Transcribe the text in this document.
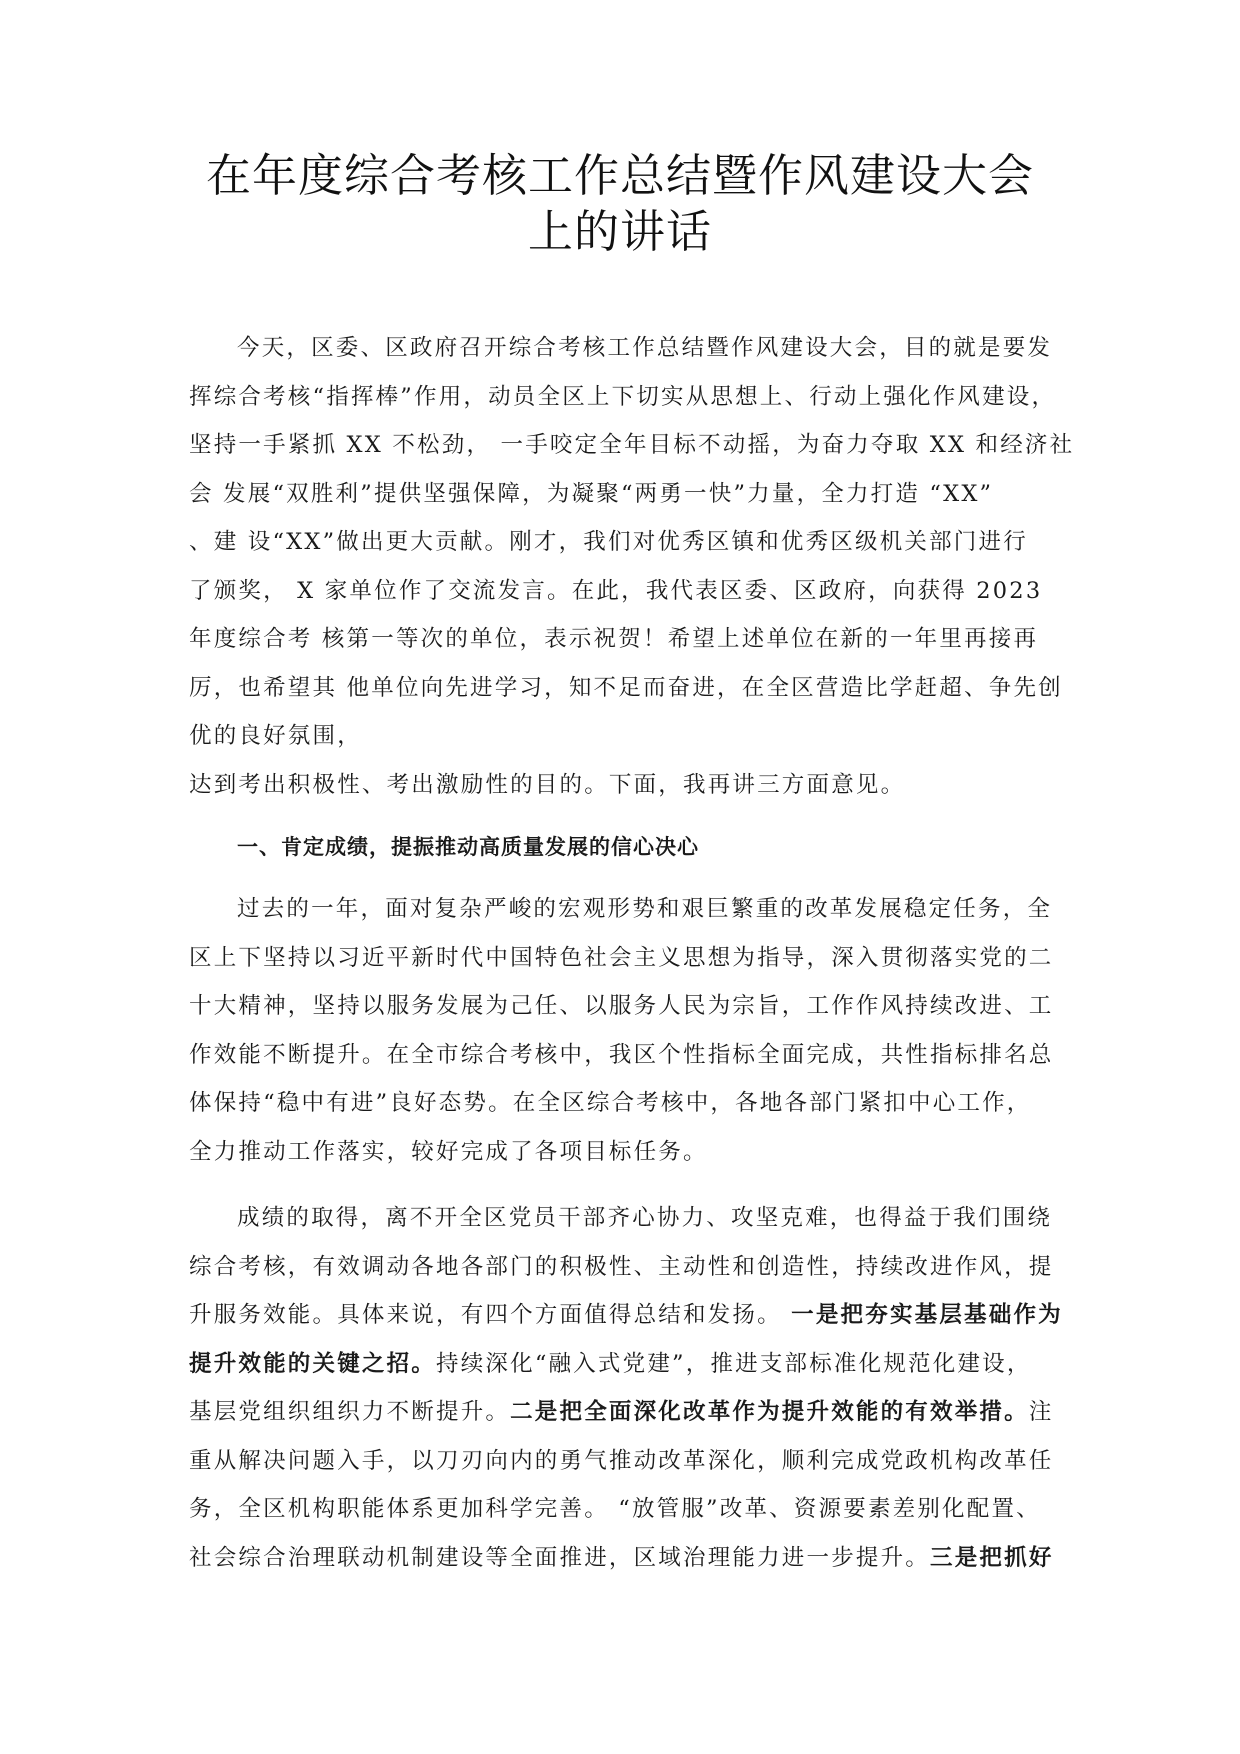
在年度综合考核工作总结暨作风建设大会
上的讲话

今天，区委、区政府召开综合考核工作总结暨作风建设大会，目的就是要发
挥综合考核“指挥棒”作用，动员全区上下切实从思想上、行动上强化作风建设，
坚持一手紧抓 XX 不松劲， 一手咬定全年目标不动摇，为奋力夺取 XX 和经济社
会 发展“双胜利”提供坚强保障，为凝聚“两勇一快”力量，全力打造 “XX”
、建 设“XX”做出更大贡献。刚才，我们对优秀区镇和优秀区级机关部门进行
了颁奖， X 家单位作了交流发言。在此，我代表区委、区政府，向获得 2023
年度综合考 核第一等次的单位，表示祝贺！希望上述单位在新的一年里再接再
厉，也希望其 他单位向先进学习，知不足而奋进，在全区营造比学赶超、争先创
优的良好氛围，
达到考出积极性、考出激励性的目的。下面，我再讲三方面意见。

一、肯定成绩，提振推动高质量发展的信心决心

过去的一年，面对复杂严峻的宏观形势和艰巨繁重的改革发展稳定任务，全
区上下坚持以习近平新时代中国特色社会主义思想为指导，深入贯彻落实党的二
十大精神，坚持以服务发展为己任、以服务人民为宗旨，工作作风持续改进、工
作效能不断提升。在全市综合考核中，我区个性指标全面完成，共性指标排名总
体保持“稳中有进”良好态势。在全区综合考核中，各地各部门紧扣中心工作，
全力推动工作落实，较好完成了各项目标任务。

成绩的取得，离不开全区党员干部齐心协力、攻坚克难，也得益于我们围绕
综合考核，有效调动各地各部门的积极性、主动性和创造性，持续改进作风，提
升服务效能。具体来说，有四个方面值得总结和发扬。 一是把夯实基层基础作为
提升效能的关键之招。持续深化“融入式党建”，推进支部标准化规范化建设，
基层党组织组织力不断提升。二是把全面深化改革作为提升效能的有效举措。注
重从解决问题入手，以刀刃向内的勇气推动改革深化，顺利完成党政机构改革任
务，全区机构职能体系更加科学完善。 “放管服”改革、资源要素差别化配置、
社会综合治理联动机制建设等全面推进，区域治理能力进一步提升。三是把抓好
